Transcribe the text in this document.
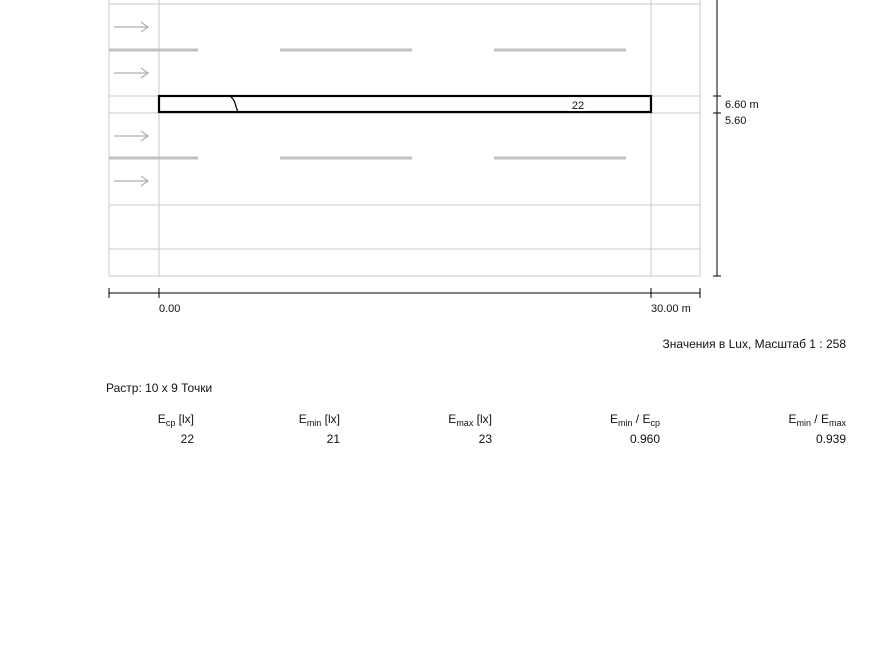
22	6.60 m
5.60
0.00	30.00 m
Значения в Lux, Масштаб 1 : 258
Растр: 10 x 9 Точки
$E_{ср}$ [lx]	$E_{min}$ [lx]	$E_{max}$ [lx]	$E_{min} / E_{ср}$	$E_{min} / E_{max}$
22	21	23	0.960	0.939
